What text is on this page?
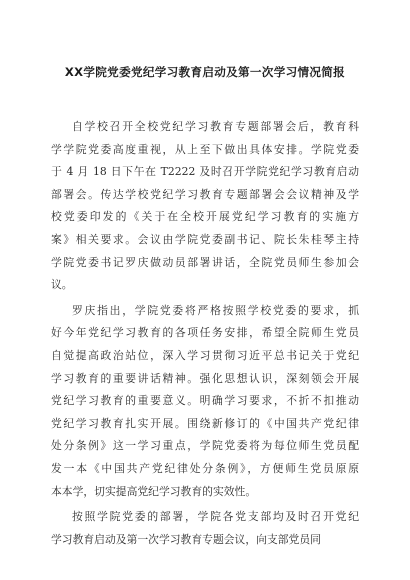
XX学院党委党纪学习教育启动及第一次学习情况简报
自学校召开全校党纪学习教育专题部署会后，教育科
学学院党委高度重视，从上至下做出具体安排。学院党委
于 4 月 18 日下午在 T2222 及时召开学院党纪学习教育启动
部署会。传达学校党纪学习教育专题部署会会议精神及学
校党委印发的《关于在全校开展党纪学习教育的实施方
案》相关要求。会议由学院党委副书记、院长朱桂琴主持
学院党委书记罗庆做动员部署讲话，全院党员师生参加会
议。
罗庆指出，学院党委将严格按照学校党委的要求，抓
好今年党纪学习教育的各项任务安排，希望全院师生党员
自觉提高政治站位，深入学习贯彻习近平总书记关于党纪
学习教育的重要讲话精神。强化思想认识，深刻领会开展
党纪学习教育的重要意义。明确学习要求，不折不扣推动
党纪学习教育扎实开展。围绕新修订的《中国共产党纪律
处分条例》这一学习重点，学院党委将为每位师生党员配
发一本《中国共产党纪律处分条例》，方便师生党员原原
本本学，切实提高党纪学习教育的实效性。
按照学院党委的部署，学院各党支部均及时召开党纪
学习教育启动及第一次学习教育专题会议，向支部党员同
